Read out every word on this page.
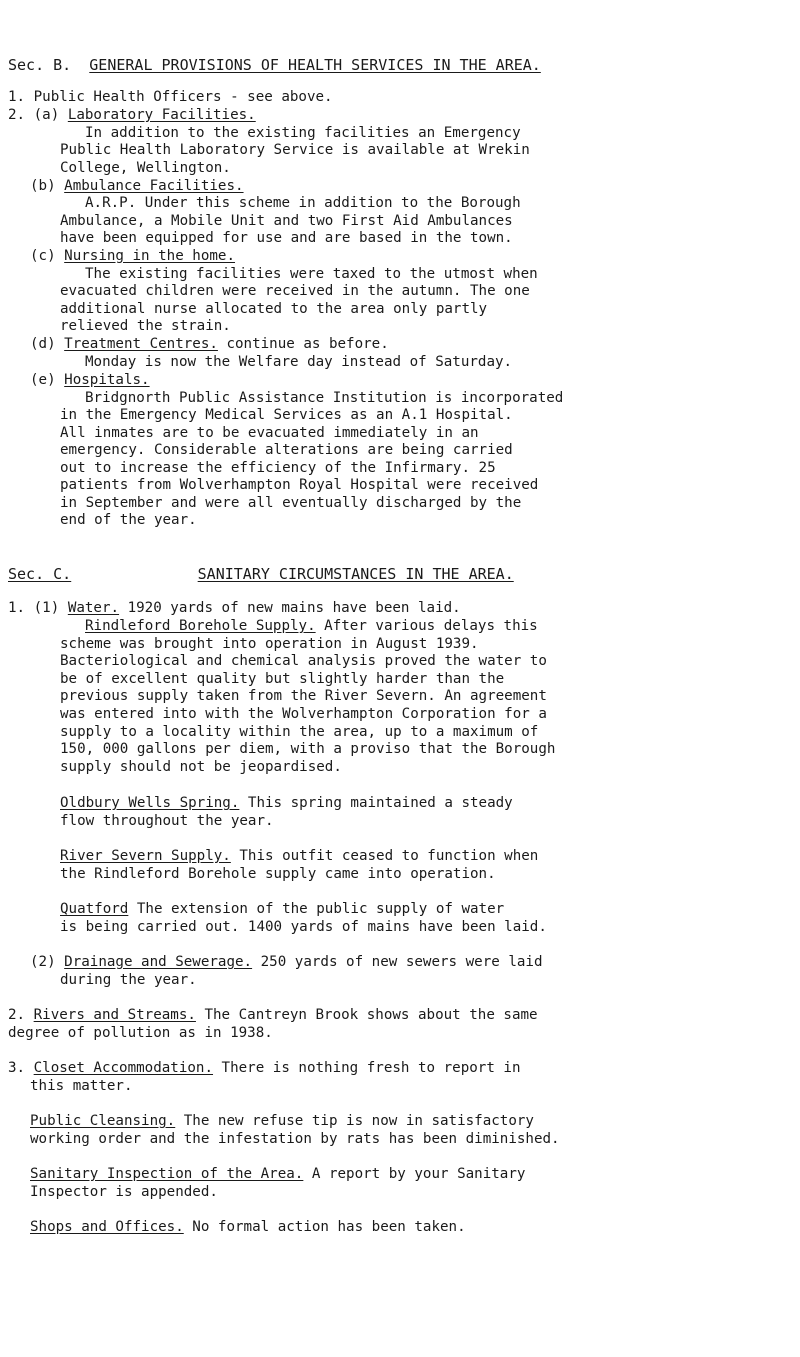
Sec. B. GENERAL PROVISIONS OF HEALTH SERVICES IN THE AREA.
1. Public Health Officers - see above.
2. (a) Laboratory Facilities.
In addition to the existing facilities an Emergency
Public Health Laboratory Service is available at Wrekin
College, Wellington.
(b) Ambulance Facilities.
A.R.P. Under this scheme in addition to the Borough
Ambulance, a Mobile Unit and two First Aid Ambulances
have been equipped for use and are based in the town.
(c) Nursing in the home.
The existing facilities were taxed to the utmost when
evacuated children were received in the autumn. The one
additional nurse allocated to the area only partly
relieved the strain.
(d) Treatment Centres. continue as before.
Monday is now the Welfare day instead of Saturday.
(e) Hospitals.
Bridgnorth Public Assistance Institution is incorporated
in the Emergency Medical Services as an A.1 Hospital.
All inmates are to be evacuated immediately in an
emergency. Considerable alterations are being carried
out to increase the efficiency of the Infirmary. 25
patients from Wolverhampton Royal Hospital were received
in September and were all eventually discharged by the
end of the year.
Sec. C.	SANITARY CIRCUMSTANCES IN THE AREA.
1. (1) Water. 1920 yards of new mains have been laid.
Rindleford Borehole Supply. After various delays this
scheme was brought into operation in August 1939.
Bacteriological and chemical analysis proved the water to
be of excellent quality but slightly harder than the
previous supply taken from the River Severn. An agreement
was entered into with the Wolverhampton Corporation for a
supply to a locality within the area, up to a maximum of
150, 000 gallons per diem, with a proviso that the Borough
supply should not be jeopardised.
Oldbury Wells Spring. This spring maintained a steady
flow throughout the year.
River Severn Supply. This outfit ceased to function when
the Rindleford Borehole supply came into operation.
Quatford The extension of the public supply of water
is being carried out. 1400 yards of mains have been laid.
(2) Drainage and Sewerage. 250 yards of new sewers were laid
during the year.
2. Rivers and Streams. The Cantreyn Brook shows about the same
degree of pollution as in 1938.
3. Closet Accommodation. There is nothing fresh to report in
this matter.
Public Cleansing. The new refuse tip is now in satisfactory
working order and the infestation by rats has been diminished.
Sanitary Inspection of the Area. A report by your Sanitary
Inspector is appended.
Shops and Offices. No formal action has been taken.
